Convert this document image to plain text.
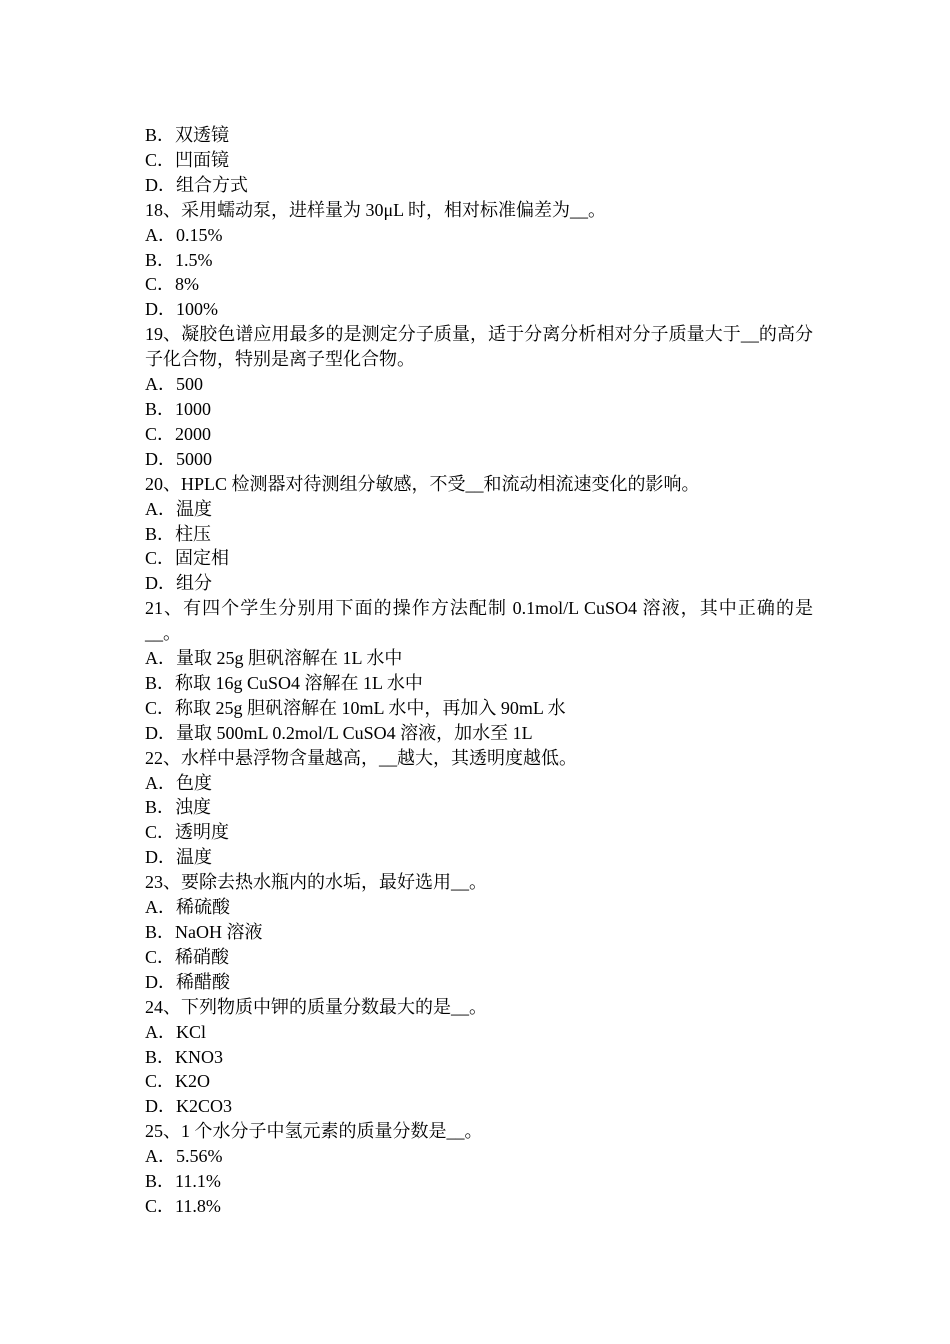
B．双透镜
C．凹面镜
D．组合方式
18、采用蠕动泵，进样量为 30μL 时，相对标准偏差为__。
A．0.15%
B．1.5%
C．8%
D．100%
19、凝胶色谱应用最多的是测定分子质量，适于分离分析相对分子质量大于__的高分子化合物，特别是离子型化合物。
A．500
B．1000
C．2000
D．5000
20、HPLC 检测器对待测组分敏感，不受__和流动相流速变化的影响。
A．温度
B．柱压
C．固定相
D．组分
21、有四个学生分别用下面的操作方法配制 0.1mol/L CuSO4 溶液，其中正确的是__。
A．量取 25g 胆矾溶解在 1L 水中
B．称取 16g CuSO4 溶解在 1L 水中
C．称取 25g 胆矾溶解在 10mL 水中，再加入 90mL 水
D．量取 500mL 0.2mol/L CuSO4 溶液，加水至 1L
22、水样中悬浮物含量越高，__越大，其透明度越低。
A．色度
B．浊度
C．透明度
D．温度
23、要除去热水瓶内的水垢，最好选用__。
A．稀硫酸
B．NaOH 溶液
C．稀硝酸
D．稀醋酸
24、下列物质中钾的质量分数最大的是__。
A．KCl
B．KNO3
C．K2O
D．K2CO3
25、1 个水分子中氢元素的质量分数是__。
A．5.56%
B．11.1%
C．11.8%
